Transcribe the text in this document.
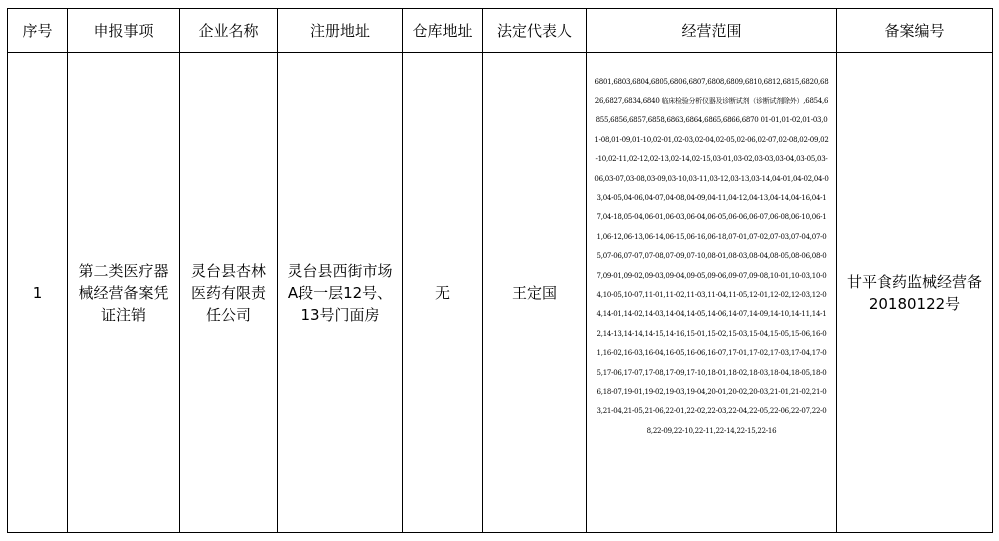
序号	申报事项	企业名称	注册地址	仓库地址	法定代表人	经营范围	备案编号

1	第二类医疗器械经营备案凭证注销	灵台县杏林医药有限责任公司	灵台县西街市场A段一层12号、13号门面房	无	王定国	6801,6803,6804,6805,6806,6807,6808,6809,6810,6812,6815,6820,6826,6827,6834,6840 临床检验分析仪器及诊断试剂（诊断试剂除外）,6854,6855,6856,6857,6858,6863,6864,6865,6866,6870 01-01,01-02,01-03,01-08,01-09,01-10,02-01,02-03,02-04,02-05,02-06,02-07,02-08,02-09,02-10,02-11,02-12,02-13,02-14,02-15,03-01,03-02,03-03,03-04,03-05,03-06,03-07,03-08,03-09,03-10,03-11,03-12,03-13,03-14,04-01,04-02,04-03,04-05,04-06,04-07,04-08,04-09,04-11,04-12,04-13,04-14,04-16,04-17,04-18,05-04,06-01,06-03,06-04,06-05,06-06,06-07,06-08,06-10,06-11,06-12,06-13,06-14,06-15,06-16,06-18,07-01,07-02,07-03,07-04,07-05,07-06,07-07,07-08,07-09,07-10,08-01,08-03,08-04,08-05,08-06,08-07,09-01,09-02,09-03,09-04,09-05,09-06,09-07,09-08,10-01,10-03,10-04,10-05,10-07,11-01,11-02,11-03,11-04,11-05,12-01,12-02,12-03,12-04,14-01,14-02,14-03,14-04,14-05,14-06,14-07,14-09,14-10,14-11,14-12,14-13,14-14,14-15,14-16,15-01,15-02,15-03,15-04,15-05,15-06,16-01,16-02,16-03,16-04,16-05,16-06,16-07,17-01,17-02,17-03,17-04,17-05,17-06,17-07,17-08,17-09,17-10,18-01,18-02,18-03,18-04,18-05,18-06,18-07,19-01,19-02,19-03,19-04,20-01,20-02,20-03,21-01,21-02,21-03,21-04,21-05,21-06,22-01,22-02,22-03,22-04,22-05,22-06,22-07,22-08,22-09,22-10,22-11,22-14,22-15,22-16	甘平食药监械经营备20180122号
